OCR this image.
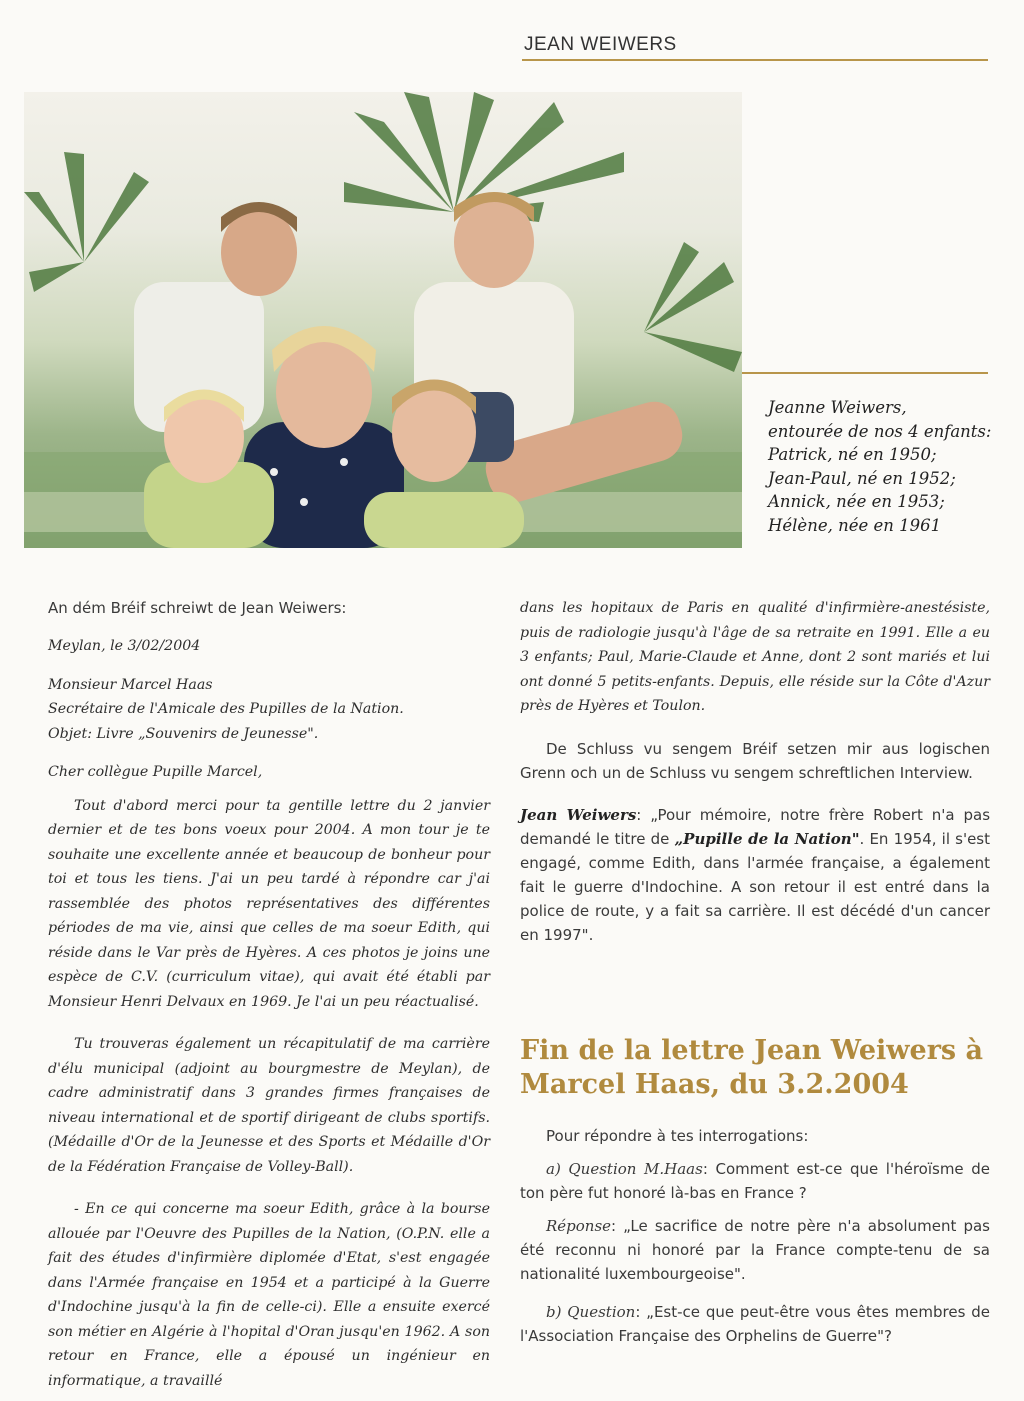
JEAN WEIWERS
Jeanne Weiwers,
entourée de nos 4 enfants:
Patrick, né en 1950;
Jean-Paul, né en 1952;
Annick, née en 1953;
Hélène, née en 1961

An dém Bréif schreiwt de Jean Weiwers:

Meylan, le 3/02/2004

Monsieur Marcel Haas

Secrétaire de l'Amicale des Pupilles de la Nation.

Objet: Livre „Souvenirs de Jeunesse".

Cher collègue Pupille Marcel,

Tout d'abord merci pour ta gentille lettre du 2 janvier dernier et de tes bons voeux pour 2004. A mon tour je te souhaite une excellente année et beaucoup de bonheur pour toi et tous les tiens. J'ai un peu tardé à répondre car j'ai rassemblée des photos représentatives des différentes périodes de ma vie, ainsi que celles de ma soeur Edith, qui réside dans le Var près de Hyères. A ces photos je joins une espèce de C.V. (curriculum vitae), qui avait été établi par Monsieur Henri Delvaux en 1969. Je l'ai un peu réactualisé.

Tu trouveras également un récapitulatif de ma carrière d'élu municipal (adjoint au bourgmestre de Meylan), de cadre administratif dans 3 grandes firmes françaises de niveau international et de sportif dirigeant de clubs sportifs. (Médaille d'Or de la Jeunesse et des Sports et Médaille d'Or de la Fédération Française de Volley-Ball).

- En ce qui concerne ma soeur Edith, grâce à la bourse allouée par l'Oeuvre des Pupilles de la Nation, (O.P.N. elle a fait des études d'infirmière diplomée d'Etat, s'est engagée dans l'Armée française en 1954 et a participé à la Guerre d'Indochine jusqu'à la fin de celle-ci). Elle a ensuite exercé son métier en Algérie à l'hopital d'Oran jusqu'en 1962. A son retour en France, elle a épousé un ingénieur en informatique, a travaillé

dans les hopitaux de Paris en qualité d'infirmière-anestésiste, puis de radiologie jusqu'à l'âge de sa retraite en 1991. Elle a eu 3 enfants; Paul, Marie-Claude et Anne, dont 2 sont mariés et lui ont donné 5 petits-enfants. Depuis, elle réside sur la Côte d'Azur près de Hyères et Toulon.

De Schluss vu sengem Bréif setzen mir aus logischen Grenn och un de Schluss vu sengem schreftlichen Interview.

Jean Weiwers: „Pour mémoire, notre frère Robert n'a pas demandé le titre de „Pupille de la Nation". En 1954, il s'est engagé, comme Edith, dans l'armée française, a également fait le guerre d'Indochine. A son retour il est entré dans la police de route, y a fait sa carrière. Il est décédé d'un cancer en 1997".

Fin de la lettre Jean Weiwers à Marcel Haas, du 3.2.2004

Pour répondre à tes interrogations:

a) Question M.Haas: Comment est-ce que l'héroïsme de ton père fut honoré là-bas en France ?

Réponse: „Le sacrifice de notre père n'a absolument pas été reconnu ni honoré par la France compte-tenu de sa nationalité luxembourgeoise".

b) Question: „Est-ce que peut-être vous êtes membres de l'Association Française des Orphelins de Guerre"?
